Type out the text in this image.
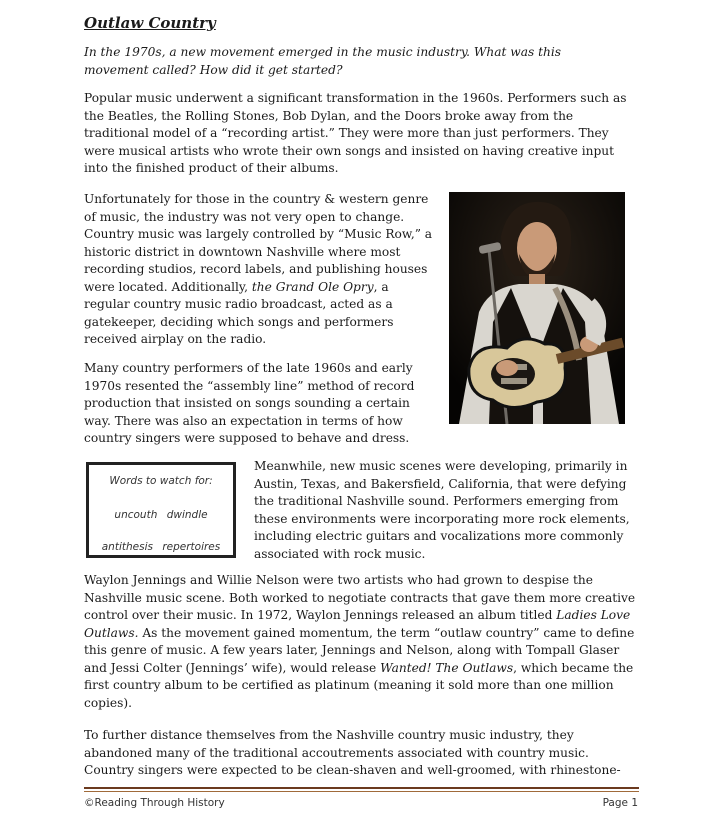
Outlaw Country

In the 1970s, a new movement emerged in the music industry. What was this movement called? How did it get started?

Popular music underwent a significant transformation in the 1960s. Performers such as the Beatles, the Rolling Stones, Bob Dylan, and the Doors broke away from the traditional model of a “recording artist.” They were more than just performers. They were musical artists who wrote their own songs and insisted on having creative input into the finished product of their albums.

Unfortunately for those in the country & western genre of music, the industry was not very open to change. Country music was largely controlled by “Music Row,” a historic district in downtown Nashville where most recording studios, record labels, and publishing houses were located. Additionally, the Grand Ole Opry, a regular country music radio broadcast, acted as a gatekeeper, deciding which songs and performers received airplay on the radio.

Many country performers of the late 1960s and early 1970s resented the “assembly line” method of record production that insisted on songs sounding a certain way. There was also an expectation in terms of how country singers were supposed to behave and dress.

Words to watch for:
uncouth dwindle
antithesis repertoires

Meanwhile, new music scenes were developing, primarily in Austin, Texas, and Bakersfield, California, that were defying the traditional Nashville sound. Performers emerging from these environments were incorporating more rock elements, including electric guitars and vocalizations more commonly associated with rock music.

Waylon Jennings and Willie Nelson were two artists who had grown to despise the Nashville music scene. Both worked to negotiate contracts that gave them more creative control over their music. In 1972, Waylon Jennings released an album titled Ladies Love Outlaws. As the movement gained momentum, the term “outlaw country” came to define this genre of music. A few years later, Jennings and Nelson, along with Tompall Glaser and Jessi Colter (Jennings’ wife), would release Wanted! The Outlaws, which became the first country album to be certified as platinum (meaning it sold more than one million copies).

To further distance themselves from the Nashville country music industry, they abandoned many of the traditional accoutrements associated with country music. Country singers were expected to be clean-shaven and well-groomed, with rhinestone-

©Reading Through History	Page 1
